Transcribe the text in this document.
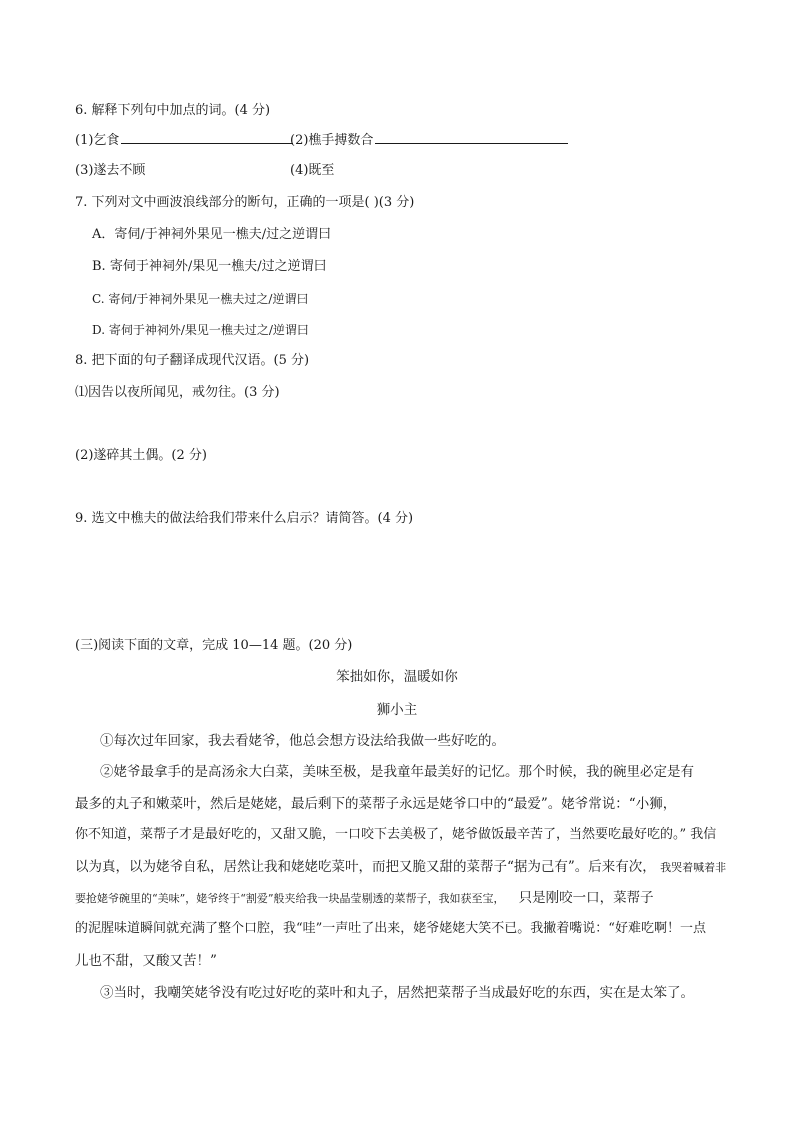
6. 解释下列句中加点的词。(4 分)
(1)乞食	(2)樵手搏数合
(3)遂去不顾	(4)既至
7. 下列对文中画波浪线部分的断句，正确的一项是( )(3 分)
A．寄伺/于神祠外果见一樵夫/过之逆谓曰
B. 寄伺于神祠外/果见一樵夫/过之逆谓曰
C. 寄伺/于神祠外果见一樵夫过之/逆谓曰
D. 寄伺于神祠外/果见一樵夫过之/逆谓曰
8. 把下面的句子翻译成现代汉语。(5 分)
⑴因告以夜所闻见，戒勿往。(3 分)
(2)遂碎其土偶。(2 分)
9. 选文中樵夫的做法给我们带来什么启示？请简答。(4 分)
(三)阅读下面的文章，完成 10—14 题。(20 分)
笨拙如你，温暖如你
狮小主
①每次过年回家，我去看姥爷，他总会想方设法给我做一些好吃的。
②姥爷最拿手的是高汤汆大白菜，美味至极，是我童年最美好的记忆。那个时候，我的碗里必定是有
最多的丸子和嫩菜叶，然后是姥姥，最后剩下的菜帮子永远是姥爷口中的“最爱”。姥爷常说：“小狮，
你不知道，菜帮子才是最好吃的，又甜又脆，一口咬下去美极了，姥爷做饭最辛苦了，当然要吃最好吃的。” 我信
以为真，以为姥爷自私，居然让我和姥姥吃菜叶，而把又脆又甜的菜帮子“据为己有”。后来有次， 我哭着喊着非
要抢姥爷碗里的“美味”，姥爷终于“割爱”般夹给我一块晶莹剔透的菜帮子，我如获至宝， 只是刚咬一口，菜帮子
的泥腥味道瞬间就充满了整个口腔，我“哇”一声吐了出来，姥爷姥姥大笑不已。我撇着嘴说：“好难吃啊！一点
儿也不甜，又酸又苦！”
③当时，我嘲笑姥爷没有吃过好吃的菜叶和丸子，居然把菜帮子当成最好吃的东西，实在是太笨了。
